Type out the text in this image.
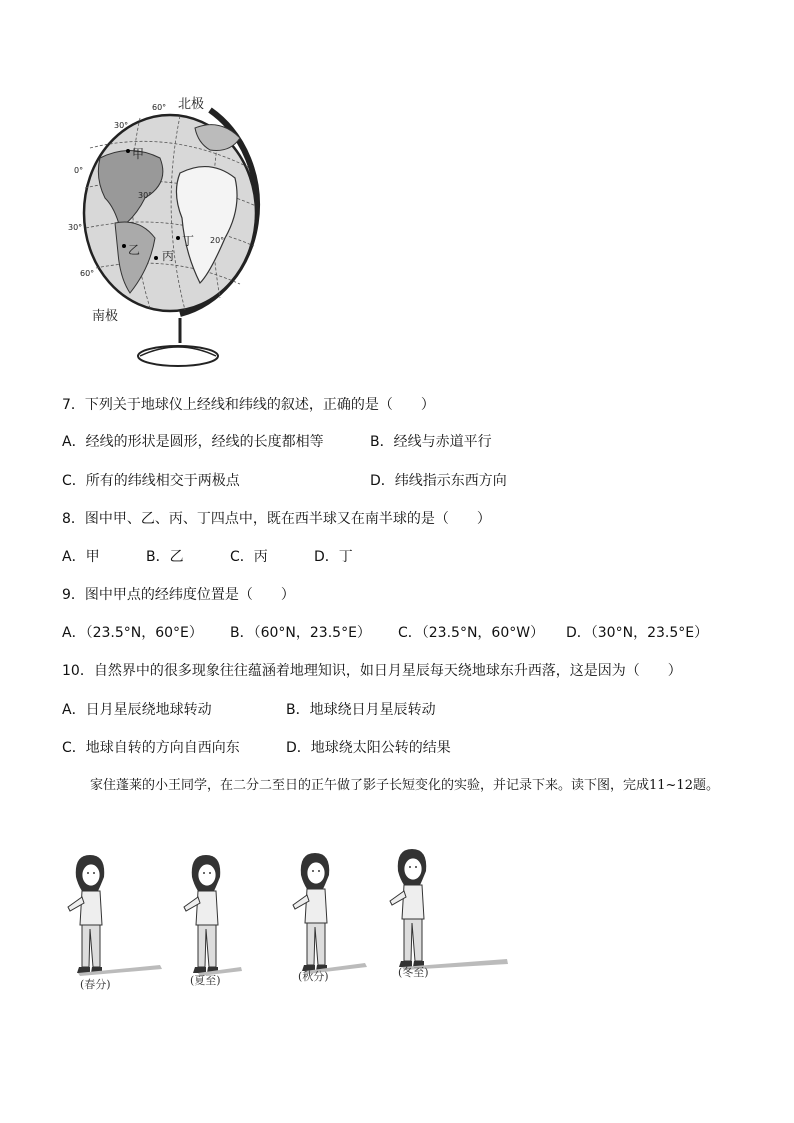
北极
南极
60°
30°
0°
30°
60°
30°
20°
甲
丁
乙 丙
7．下列关于地球仪上经线和纬线的叙述，正确的是（　　）
A．经线的形状是圆形，经线的长度都相等	B．经线与赤道平行
C．所有的纬线相交于两极点	D．纬线指示东西方向
8．图中甲、乙、丙、丁四点中，既在西半球又在南半球的是（　　）
A．甲	B．乙	C．丙	D．丁
9．图中甲点的经纬度位置是（　　）
A．（23.5°N，60°E） B．（60°N，23.5°E） C．（23.5°N，60°W） D．（30°N，23.5°E）
10．自然界中的很多现象往往蕴涵着地理知识，如日月星辰每天绕地球东升西落，这是因为（　　）
A．日月星辰绕地球转动	B．地球绕日月星辰转动
C．地球自转的方向自西向东	D．地球绕太阳公转的结果
家住蓬莱的小王同学，在二分二至日的正午做了影子长短变化的实验，并记录下来。读下图，完成11~12题。
(春分)	(夏至)	(秋分)	(冬至)
